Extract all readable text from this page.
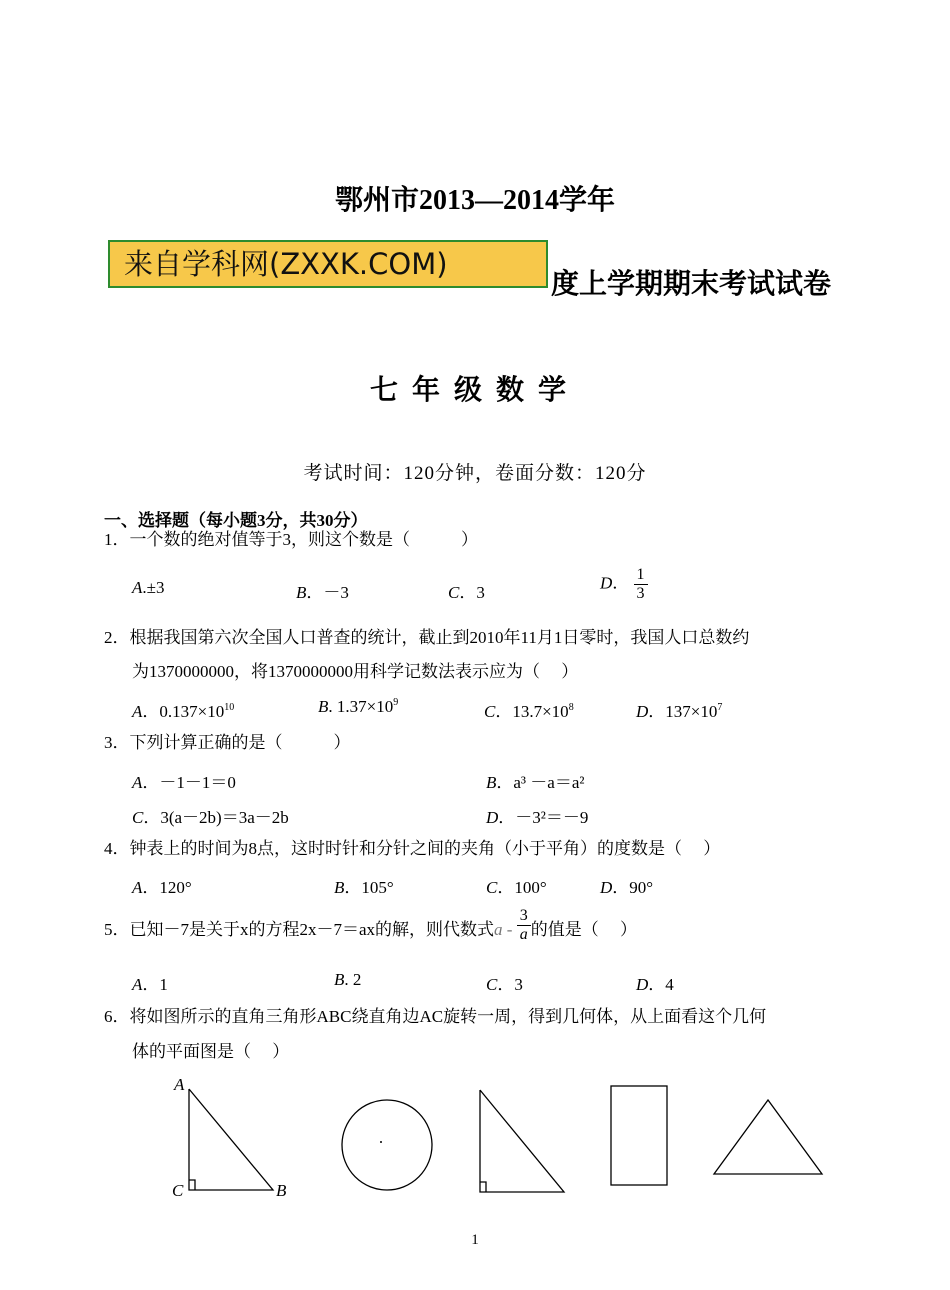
鄂州市2013—2014学年
来自学科网(ZXXK.COM)
度上学期期末考试试卷
七年级数学
考试时间：120分钟，卷面分数：120分
一、选择题（每小题3分，共30分）
1．一个数的绝对值等于3，则这个数是（　　　）
A.±3	B．－3	C．3
D． $\frac{1}{3}$
2．根据我国第六次全国人口普查的统计，截止到2010年11月1日零时，我国人口总数约
为1370000000，将1370000000用科学记数法表示应为（　 ）
A．$0.137\times 10^{10}$	B. $1.37\times 10^9$	C．$13.7\times 10^8$	D．$137\times 10^7$
3．下列计算正确的是（　　　）
A．－1－1＝0	B．a³ －a＝a²
C．3(a－2b)＝3a－2b	D．－3²＝－9
4．钟表上的时间为8点，这时时针和分针之间的夹角（小于平角）的度数是（　 ）
A．120°	B．105°	C．100°	D．90°
5．已知－7是关于x的方程2x－7＝ax的解，则代数式a - $\frac{3}{a}$ 的值是（　 ）
A．1	B. 2	C．3	D．4
6．将如图所示的直角三角形ABC绕直角边AC旋转一周，得到几何体，从上面看这个几何
体的平面图是（　 ）
A
C	B
1
